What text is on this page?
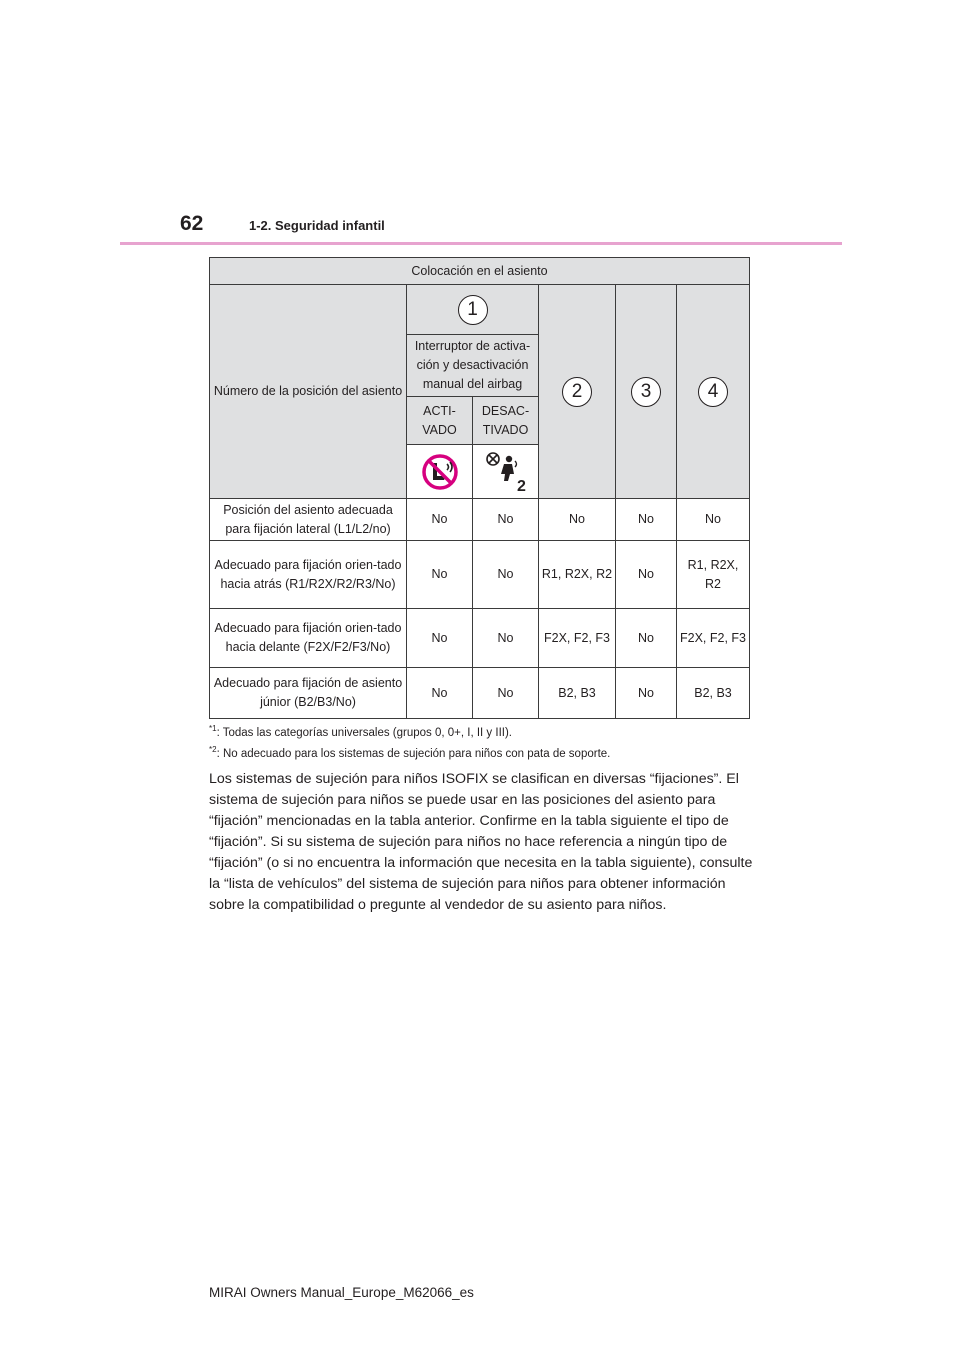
62	1-2. Seguridad infantil
Colocación en el asiento					
Número de la posición del asiento	1		2	3	4
	Interruptor de activa-ción y desactivación manual del airbag				
	ACTI-VADO	DESAC-TIVADO			

2			

Posición del asiento adecuada para fijación lateral (L1/L2/no)	No	No	No	No	No
Adecuado para fijación orien-tado hacia atrás (R1/R2X/R2/R3/No)	No	No	R1, R2X, R2	No	R1, R2X, R2
Adecuado para fijación orien-tado hacia delante (F2X/F2/F3/No)	No	No	F2X, F2, F3	No	F2X, F2, F3
Adecuado para fijación de asiento júnior (B2/B3/No)	No	No	B2, B3	No	B2, B3
$^{*1}$: Todas las categorías universales (grupos 0, 0+, I, II y III).
$^{*2}$: No adecuado para los sistemas de sujeción para niños con pata de soporte.

Los sistemas de sujeción para niños ISOFIX se clasifican en diversas “fijaciones”. El sistema de sujeción para niños se puede usar en las posiciones del asiento para “fijación” mencionadas en la tabla anterior. Confirme en la tabla siguiente el tipo de “fijación”. Si su sistema de sujeción para niños no hace referencia a ningún tipo de “fijación” (o si no encuentra la información que necesita en la tabla siguiente), consulte la “lista de vehículos” del sistema de sujeción para niños para obtener información sobre la compatibilidad o pregunte al vendedor de su asiento para niños.

MIRAI Owners Manual_Europe_M62066_es
